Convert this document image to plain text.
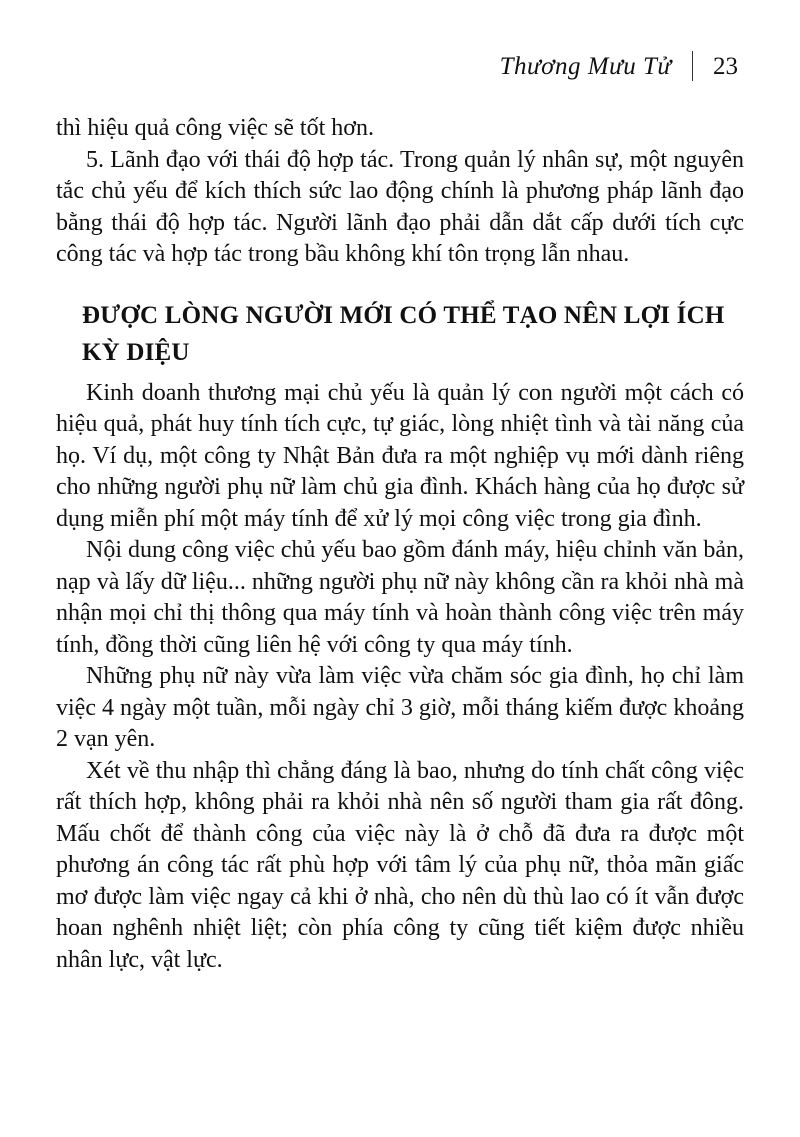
Thương Mưu Tử 23

thì hiệu quả công việc sẽ tốt hơn.

5. Lãnh đạo với thái độ hợp tác. Trong quản lý nhân sự, một nguyên tắc chủ yếu để kích thích sức lao động chính là phương pháp lãnh đạo bằng thái độ hợp tác. Người lãnh đạo phải dẫn dắt cấp dưới tích cực công tác và hợp tác trong bầu không khí tôn trọng lẫn nhau.

ĐƯỢC LÒNG NGƯỜI MỚI CÓ THỂ TẠO NÊN LỢI ÍCH KỲ DIỆU

Kinh doanh thương mại chủ yếu là quản lý con người một cách có hiệu quả, phát huy tính tích cực, tự giác, lòng nhiệt tình và tài năng của họ. Ví dụ, một công ty Nhật Bản đưa ra một nghiệp vụ mới dành riêng cho những người phụ nữ làm chủ gia đình. Khách hàng của họ được sử dụng miễn phí một máy tính để xử lý mọi công việc trong gia đình.

Nội dung công việc chủ yếu bao gồm đánh máy, hiệu chỉnh văn bản, nạp và lấy dữ liệu... những người phụ nữ này không cần ra khỏi nhà mà nhận mọi chỉ thị thông qua máy tính và hoàn thành công việc trên máy tính, đồng thời cũng liên hệ với công ty qua máy tính.

Những phụ nữ này vừa làm việc vừa chăm sóc gia đình, họ chỉ làm việc 4 ngày một tuần, mỗi ngày chỉ 3 giờ, mỗi tháng kiếm được khoảng 2 vạn yên.

Xét về thu nhập thì chẳng đáng là bao, nhưng do tính chất công việc rất thích hợp, không phải ra khỏi nhà nên số người tham gia rất đông. Mấu chốt để thành công của việc này là ở chỗ đã đưa ra được một phương án công tác rất phù hợp với tâm lý của phụ nữ, thỏa mãn giấc mơ được làm việc ngay cả khi ở nhà, cho nên dù thù lao có ít vẫn được hoan nghênh nhiệt liệt; còn phía công ty cũng tiết kiệm được nhiều nhân lực, vật lực.
